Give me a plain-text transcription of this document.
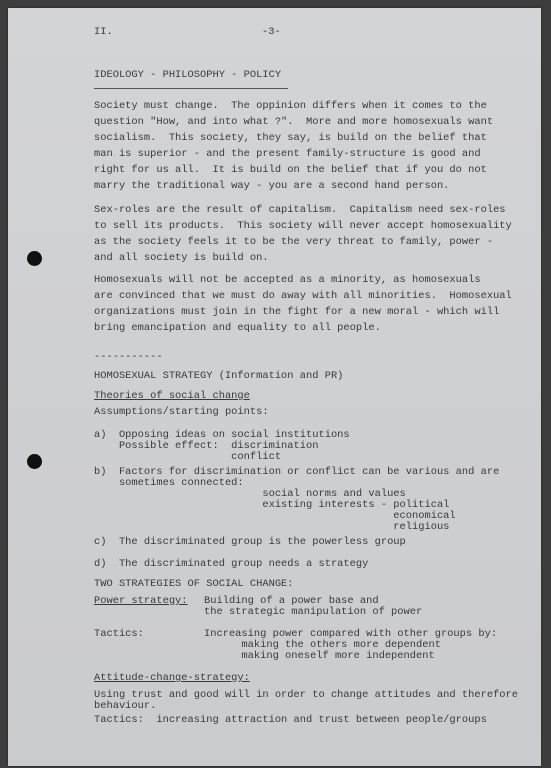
II.	-3-

IDEOLOGY - PHILOSOPHY - POLICY

Society must change.  The oppinion differs when it comes to the

question "How, and into what ?".  More and more homosexuals want

socialism.  This society, they say, is build on the belief that

man is superior - and the present family-structure is good and

right for us all.  It is build on the belief that if you do not

marry the traditional way - you are a second hand person.

Sex-roles are the result of capitalism.  Capitalism need sex-roles

to sell its products.  This society will never accept homosexuality

as the society feels it to be the very threat to family, power -

and all society is build on.

Homosexuals will not be accepted as a minority, as homosexuals

are convinced that we must do away with all minorities.  Homosexual

organizations must join in the fight for a new moral - which will

bring emancipation and equality to all people.

-----------

HOMOSEXUAL STRATEGY (Information and PR)

Theories of social change

Assumptions/starting points:

a)  Opposing ideas on social institutions

Possible effect:  discrimination

conflict

b)  Factors for discrimination or conflict can be various and are

sometimes connected:

social norms and values

existing interests - political

economical

religious

c)  The discriminated group is the powerless group

d)  The discriminated group needs a strategy

TWO STRATEGIES OF SOCIAL CHANGE:

Power strategy: Building of a power base and

the strategic manipulation of power

Tactics:	Increasing power compared with other groups by:

making the others more dependent

making oneself more independent

Attitude-change-strategy:

Using trust and good will in order to change attitudes and therefore

behaviour.

Tactics:  increasing attraction and trust between people/groups
